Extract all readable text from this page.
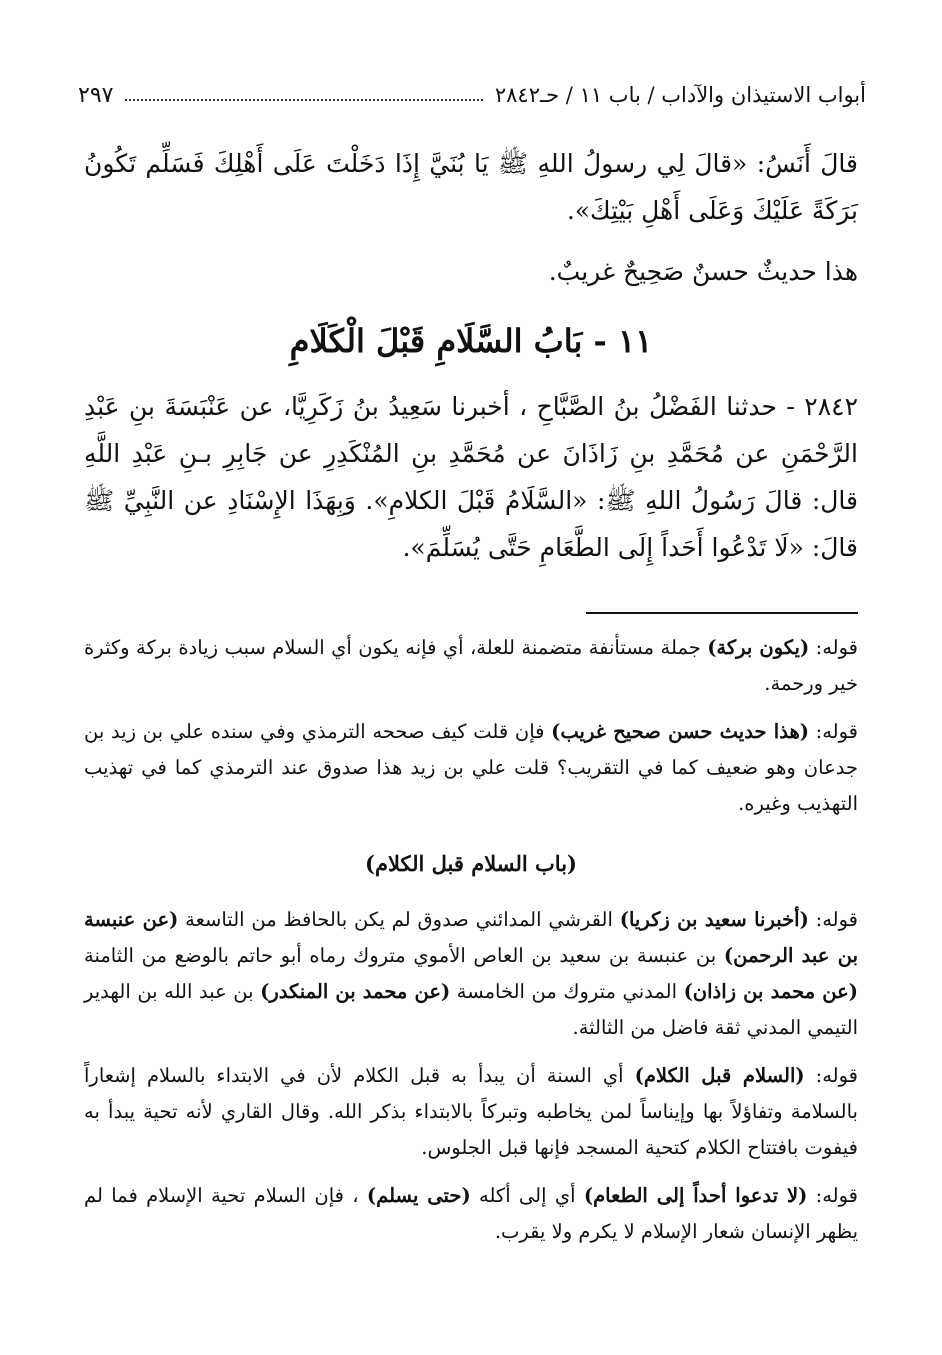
أبواب الاستيذان والآداب / باب ١١ / حـ٢٨٤٢
٢٩٧

قالَ أَنَسُ: «قالَ لِي رسولُ اللهِ ﷺ يَا بُنَيَّ إِذَا دَخَلْتَ عَلَى أَهْلِكَ فَسَلِّم تَكُونُ بَرَكَةً عَلَيْكَ وَعَلَى أَهْلِ بَيْتِكَ».

هذا حديثٌ حسنٌ صَحِيحٌ غريبٌ.

١١ - بَابُ السَّلَامِ قَبْلَ الْكَلَامِ

٢٨٤٢ - حدثنا الفَضْلُ بنُ الصَّبَّاحِ ، أخبرنا سَعِيدُ بنُ زَكَرِيَّا، عن عَنْبَسَةَ بنِ عَبْدِ الرَّحْمَنِ عن مُحَمَّدِ بنِ زَاذَانَ عن مُحَمَّدِ بنِ المُنْكَدِرِ عن جَابِرِ بـنِ عَبْدِ اللَّهِ قال: قالَ رَسُولُ اللهِ ﷺ: «السَّلَامُ قَبْلَ الكلامِ». وَبِهَذَا الإِسْنَادِ عن النَّبِيِّ ﷺ قالَ: «لَا تَدْعُوا أَحَداً إِلَى الطَّعَامِ حَتَّى يُسَلِّمَ».

قوله: (يكون بركة) جملة مستأنفة متضمنة للعلة، أي فإنه يكون أي السلام سبب زيادة بركة وكثرة خير ورحمة.

قوله: (هذا حديث حسن صحيح غريب) فإن قلت كيف صححه الترمذي وفي سنده علي بن زيد بن جدعان وهو ضعيف كما في التقريب؟ قلت علي بن زيد هذا صدوق عند الترمذي كما في تهذيب التهذيب وغيره.

(باب السلام قبل الكلام)

قوله: (أخبرنا سعيد بن زكريا) القرشي المدائني صدوق لم يكن بالحافظ من التاسعة (عن عنبسة بن عبد الرحمن) بن عنبسة بن سعيد بن العاص الأموي متروك رماه أبو حاتم بالوضع من الثامنة (عن محمد بن زاذان) المدني متروك من الخامسة (عن محمد بن المنكدر) بن عبد الله بن الهدير التيمي المدني ثقة فاضل من الثالثة.

قوله: (السلام قبل الكلام) أي السنة أن يبدأ به قبل الكلام لأن في الابتداء بالسلام إشعاراً بالسلامة وتفاؤلاً بها وإيناساً لمن يخاطبه وتبركاً بالابتداء بذكر الله. وقال القاري لأنه تحية يبدأ به فيفوت بافتتاح الكلام كتحية المسجد فإنها قبل الجلوس.

قوله: (لا تدعوا أحداً إلى الطعام) أي إلى أكله (حتى يسلم) ، فإن السلام تحية الإسلام فما لم يظهر الإنسان شعار الإسلام لا يكرم ولا يقرب.
